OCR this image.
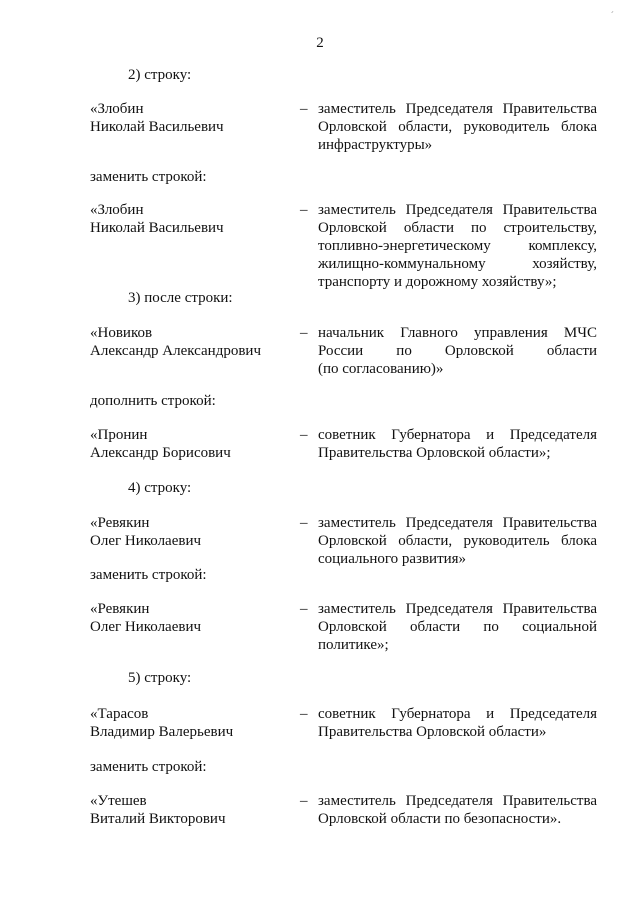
´
2
2) строку:
«Злобин
Николай Васильевич
– заместитель Председателя Правительства
Орловской области, руководитель блока
инфраструктуры»
заменить строкой:
«Злобин
Николай Васильевич
– заместитель Председателя Правительства
Орловской области по строительству,
топливно-энергетическому комплексу,
жилищно-коммунальному хозяйству,
транспорту и дорожному хозяйству»;
3) после строки:
«Новиков
Александр Александрович
– начальник Главного управления МЧС
России по Орловской области
(по согласованию)»
дополнить строкой:
«Пронин
Александр Борисович
– советник Губернатора и Председателя
Правительства Орловской области»;
4) строку:
«Ревякин
Олег Николаевич
– заместитель Председателя Правительства
Орловской области, руководитель блока
социального развития»
заменить строкой:
«Ревякин
Олег Николаевич
– заместитель Председателя Правительства
Орловской области по социальной
политике»;
5) строку:
«Тарасов
Владимир Валерьевич
– советник Губернатора и Председателя
Правительства Орловской области»
заменить строкой:
«Утешев
Виталий Викторович
– заместитель Председателя Правительства
Орловской области по безопасности».
